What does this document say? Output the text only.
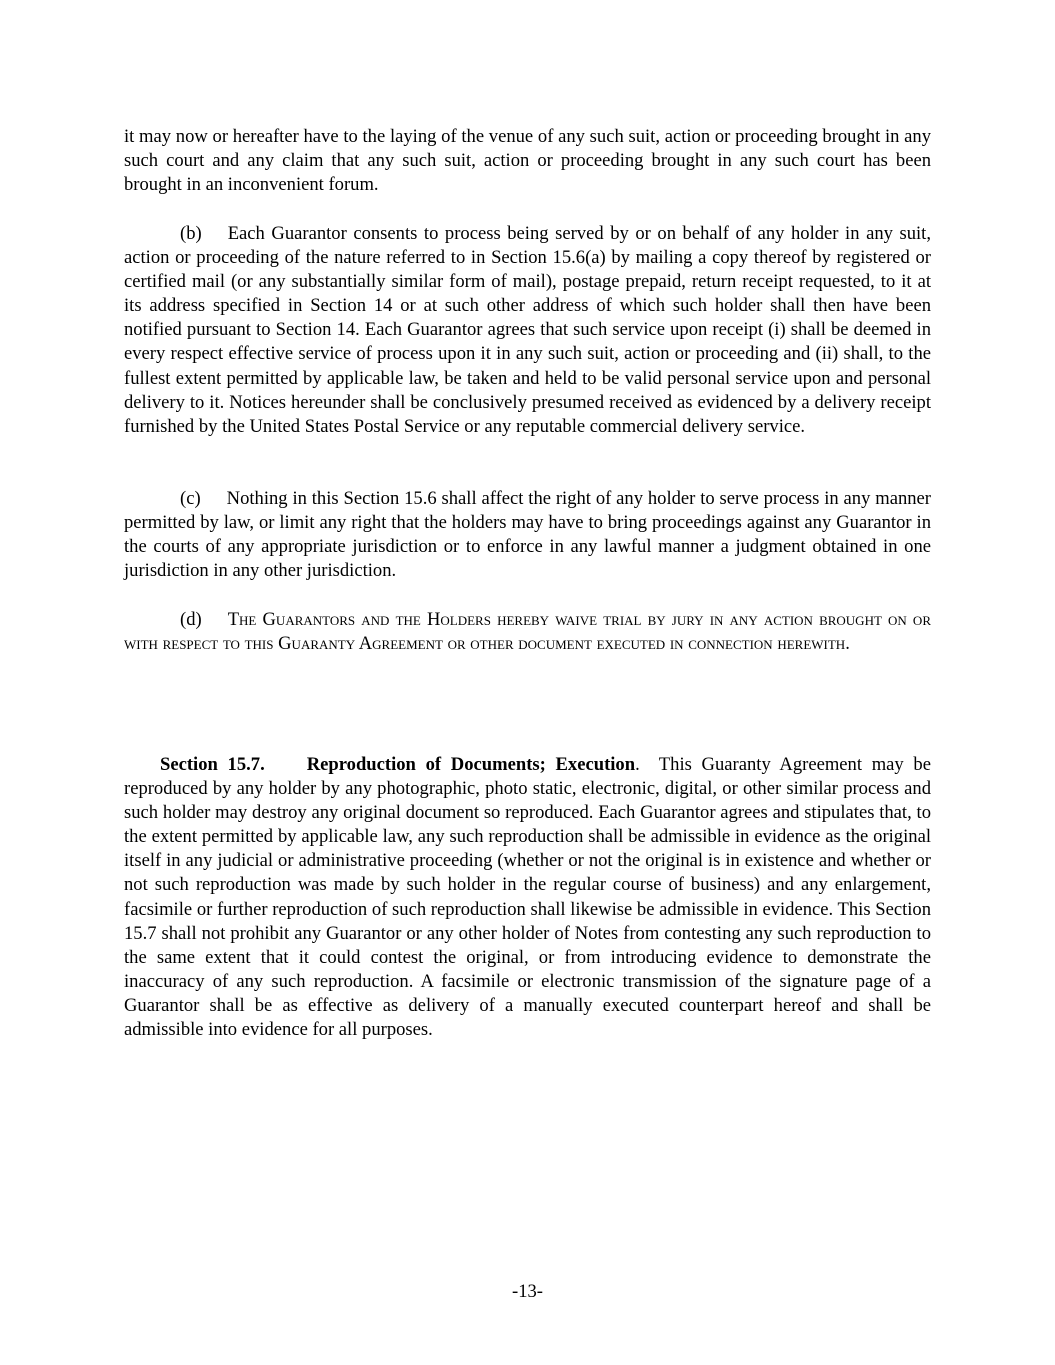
it may now or hereafter have to the laying of the venue of any such suit, action or proceeding brought in any such court and any claim that any such suit, action or proceeding brought in any such court has been brought in an inconvenient forum.

(b) Each Guarantor consents to process being served by or on behalf of any holder in any suit, action or proceeding of the nature referred to in Section 15.6(a) by mailing a copy thereof by registered or certified mail (or any substantially similar form of mail), postage prepaid, return receipt requested, to it at its address specified in Section 14 or at such other address of which such holder shall then have been notified pursuant to Section 14. Each Guarantor agrees that such service upon receipt (i) shall be deemed in every respect effective service of process upon it in any such suit, action or proceeding and (ii) shall, to the fullest extent permitted by applicable law, be taken and held to be valid personal service upon and personal delivery to it. Notices hereunder shall be conclusively presumed received as evidenced by a delivery receipt furnished by the United States Postal Service or any reputable commercial delivery service.

(c) Nothing in this Section 15.6 shall affect the right of any holder to serve process in any manner permitted by law, or limit any right that the holders may have to bring proceedings against any Guarantor in the courts of any appropriate jurisdiction or to enforce in any lawful manner a judgment obtained in one jurisdiction in any other jurisdiction.

(d) The Guarantors and the Holders hereby waive trial by jury in any action brought on or with respect to this Guaranty Agreement or other document executed in connection herewith.

Section 15.7. Reproduction of Documents; Execution. This Guaranty Agreement may be reproduced by any holder by any photographic, photo static, electronic, digital, or other similar process and such holder may destroy any original document so reproduced. Each Guarantor agrees and stipulates that, to the extent permitted by applicable law, any such reproduction shall be admissible in evidence as the original itself in any judicial or administrative proceeding (whether or not the original is in existence and whether or not such reproduction was made by such holder in the regular course of business) and any enlargement, facsimile or further reproduction of such reproduction shall likewise be admissible in evidence. This Section 15.7 shall not prohibit any Guarantor or any other holder of Notes from contesting any such reproduction to the same extent that it could contest the original, or from introducing evidence to demonstrate the inaccuracy of any such reproduction. A facsimile or electronic transmission of the signature page of a Guarantor shall be as effective as delivery of a manually executed counterpart hereof and shall be admissible into evidence for all purposes.

-13-
